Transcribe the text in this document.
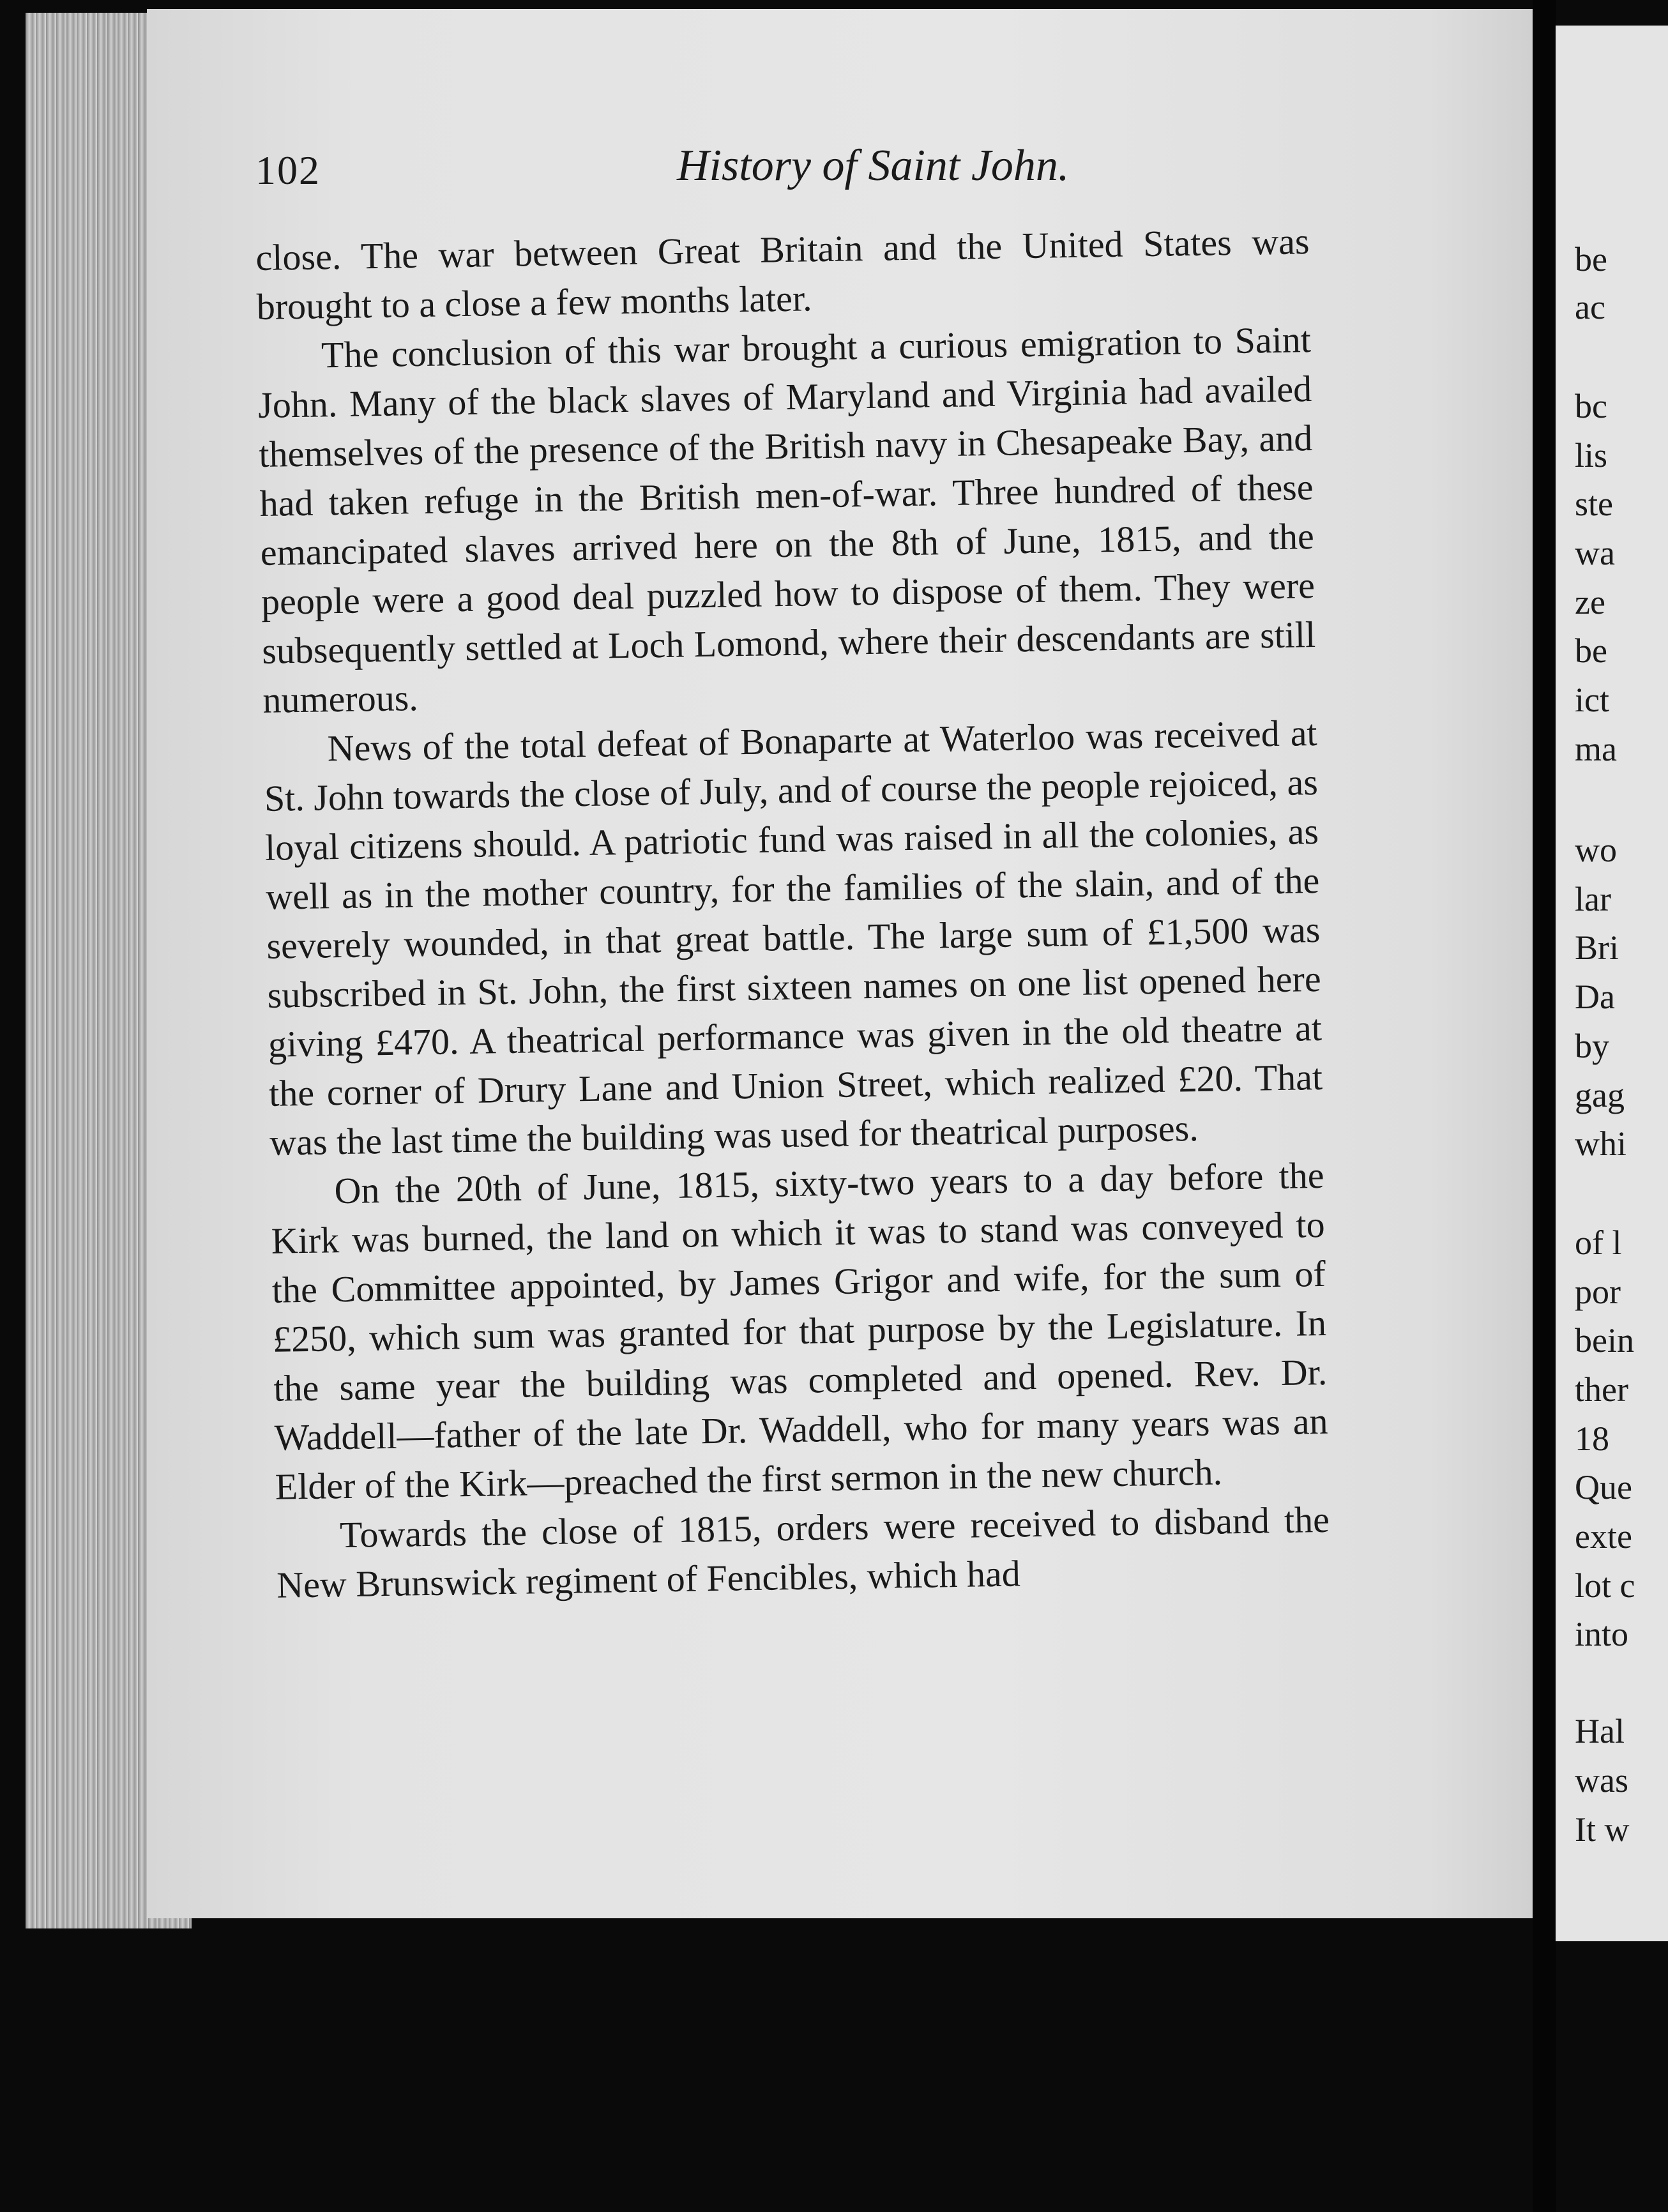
102	History of Saint John.

close. The war between Great Britain and the United States was brought to a close a few months later.

The conclusion of this war brought a curious emigration to Saint John. Many of the black slaves of Maryland and Virginia had availed themselves of the presence of the British navy in Chesapeake Bay, and had taken refuge in the British men-of-war. Three hundred of these emancipated slaves arrived here on the 8th of June, 1815, and the people were a good deal puzzled how to dispose of them. They were subsequently settled at Loch Lomond, where their descendants are still numerous.

News of the total defeat of Bonaparte at Waterloo was received at St. John towards the close of July, and of course the people rejoiced, as loyal citizens should. A patriotic fund was raised in all the colonies, as well as in the mother country, for the families of the slain, and of the severely wounded, in that great battle. The large sum of £1,500 was subscribed in St. John, the first sixteen names on one list opened here giving £470. A theatrical performance was given in the old theatre at the corner of Drury Lane and Union Street, which realized £20. That was the last time the building was used for theatrical purposes.

On the 20th of June, 1815, sixty-two years to a day before the Kirk was burned, the land on which it was to stand was conveyed to the Committee appointed, by James Grigor and wife, for the sum of £250, which sum was granted for that purpose by the Legislature. In the same year the building was completed and opened. Rev. Dr. Waddell—father of the late Dr. Waddell, who for many years was an Elder of the Kirk—preached the first sermon in the new church.

Towards the close of 1815, orders were received to disband the New Brunswick regiment of Fencibles, which had

be
ac
bc
lis
ste
wa
ze
be
ict
ma
wo
lar
Bri
Da
by
gag
whi
of l
por
bein
ther
18
Que
exte
lot c
into
Hal
was
It w
